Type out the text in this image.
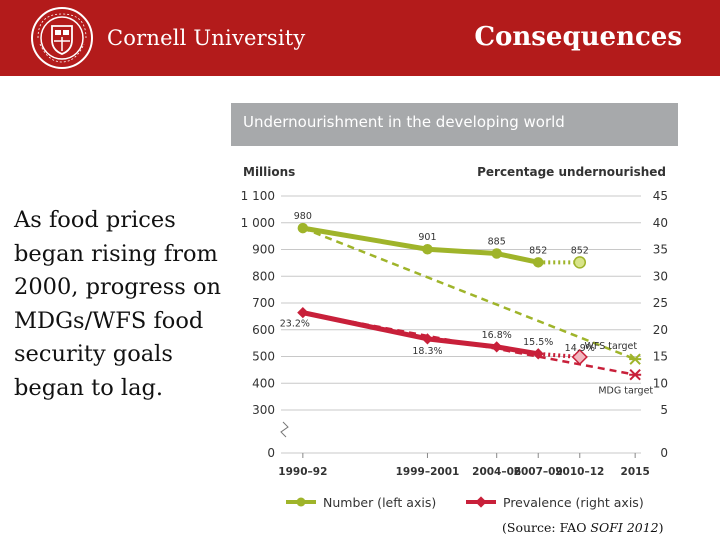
Cornell University	Consequences
As food prices began rising from 2000, progress on MDGs/WFS food security goals began to lag.
Undernourishment in the developing world
Millions	Percentage undernourished
1 100	45
1 000	40
900	35
800	30
700	25
600	20
500	15
400	10
300	5
0	0
1990–92	1999–2001 2004–06
2007–09
2010–12 2015
980
901	885
852 852
23.2%
18.3%
16.8%
15.5%
14.9%
WFS target
MDG target
Number (left axis)	Prevalence (right axis)
(Source: FAO SOFI 2012)
